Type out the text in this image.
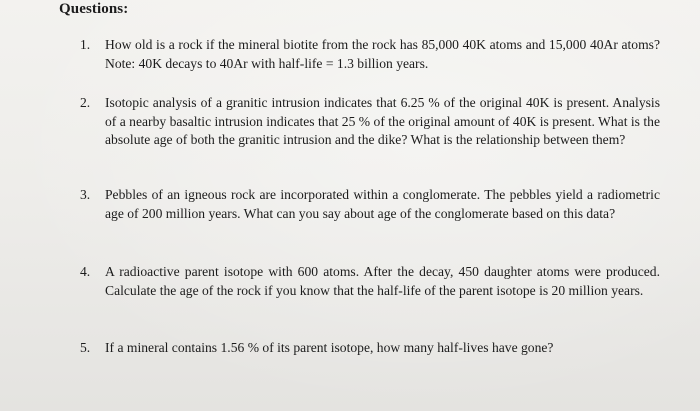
Questions:
1.	How old is a rock if the mineral biotite from the rock has 85,000 40K atoms and 15,000 40Ar atoms? Note: 40K decays to 40Ar with half-life = 1.3 billion years.
2.	Isotopic analysis of a granitic intrusion indicates that 6.25 % of the original 40K is present. Analysis of a nearby basaltic intrusion indicates that 25 % of the original amount of 40K is present. What is the absolute age of both the granitic intrusion and the dike? What is the relationship between them?
3.	Pebbles of an igneous rock are incorporated within a conglomerate. The pebbles yield a radiometric age of 200 million years. What can you say about age of the conglomerate based on this data?
4.	A radioactive parent isotope with 600 atoms. After the decay, 450 daughter atoms were produced. Calculate the age of the rock if you know that the half-life of the parent isotope is 20 million years.
5.	If a mineral contains 1.56 % of its parent isotope, how many half-lives have gone?
